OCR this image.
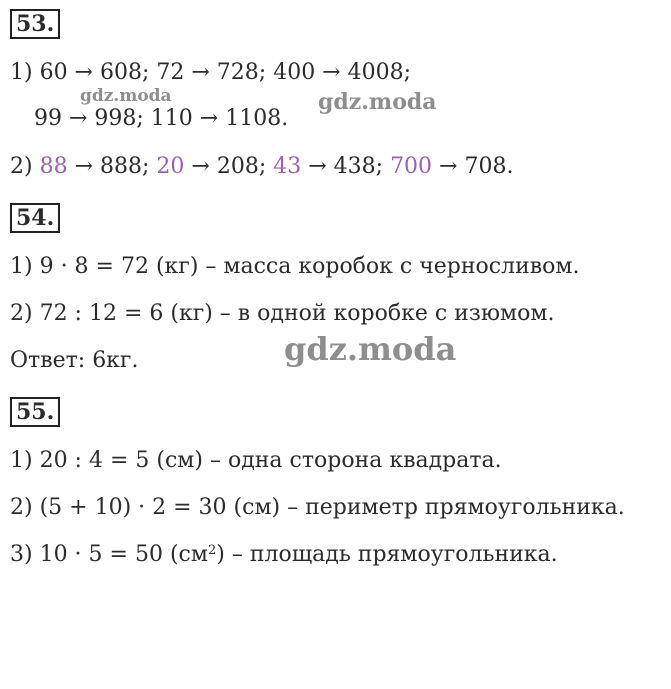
53.
1) 60 → 608; 72 → 728; 400 → 4008;
gdz.moda	gdz.moda
99 → 998; 110 → 1108.
2) 88 → 888; 20 → 208; 43 → 438; 700 → 708.
54.
1) 9 · 8 = 72 (кг) – масса коробок с черносливом.
2) 72 : 12 = 6 (кг) – в одной коробке с изюмом.
gdz.moda
Ответ: 6кг.
55.
1) 20 : 4 = 5 (см) – одна сторона квадрата.
2) (5 + 10) · 2 = 30 (см) – периметр прямоугольника.
3) 10 · 5 = 50 $(см^2)$ – площадь прямоугольника.
